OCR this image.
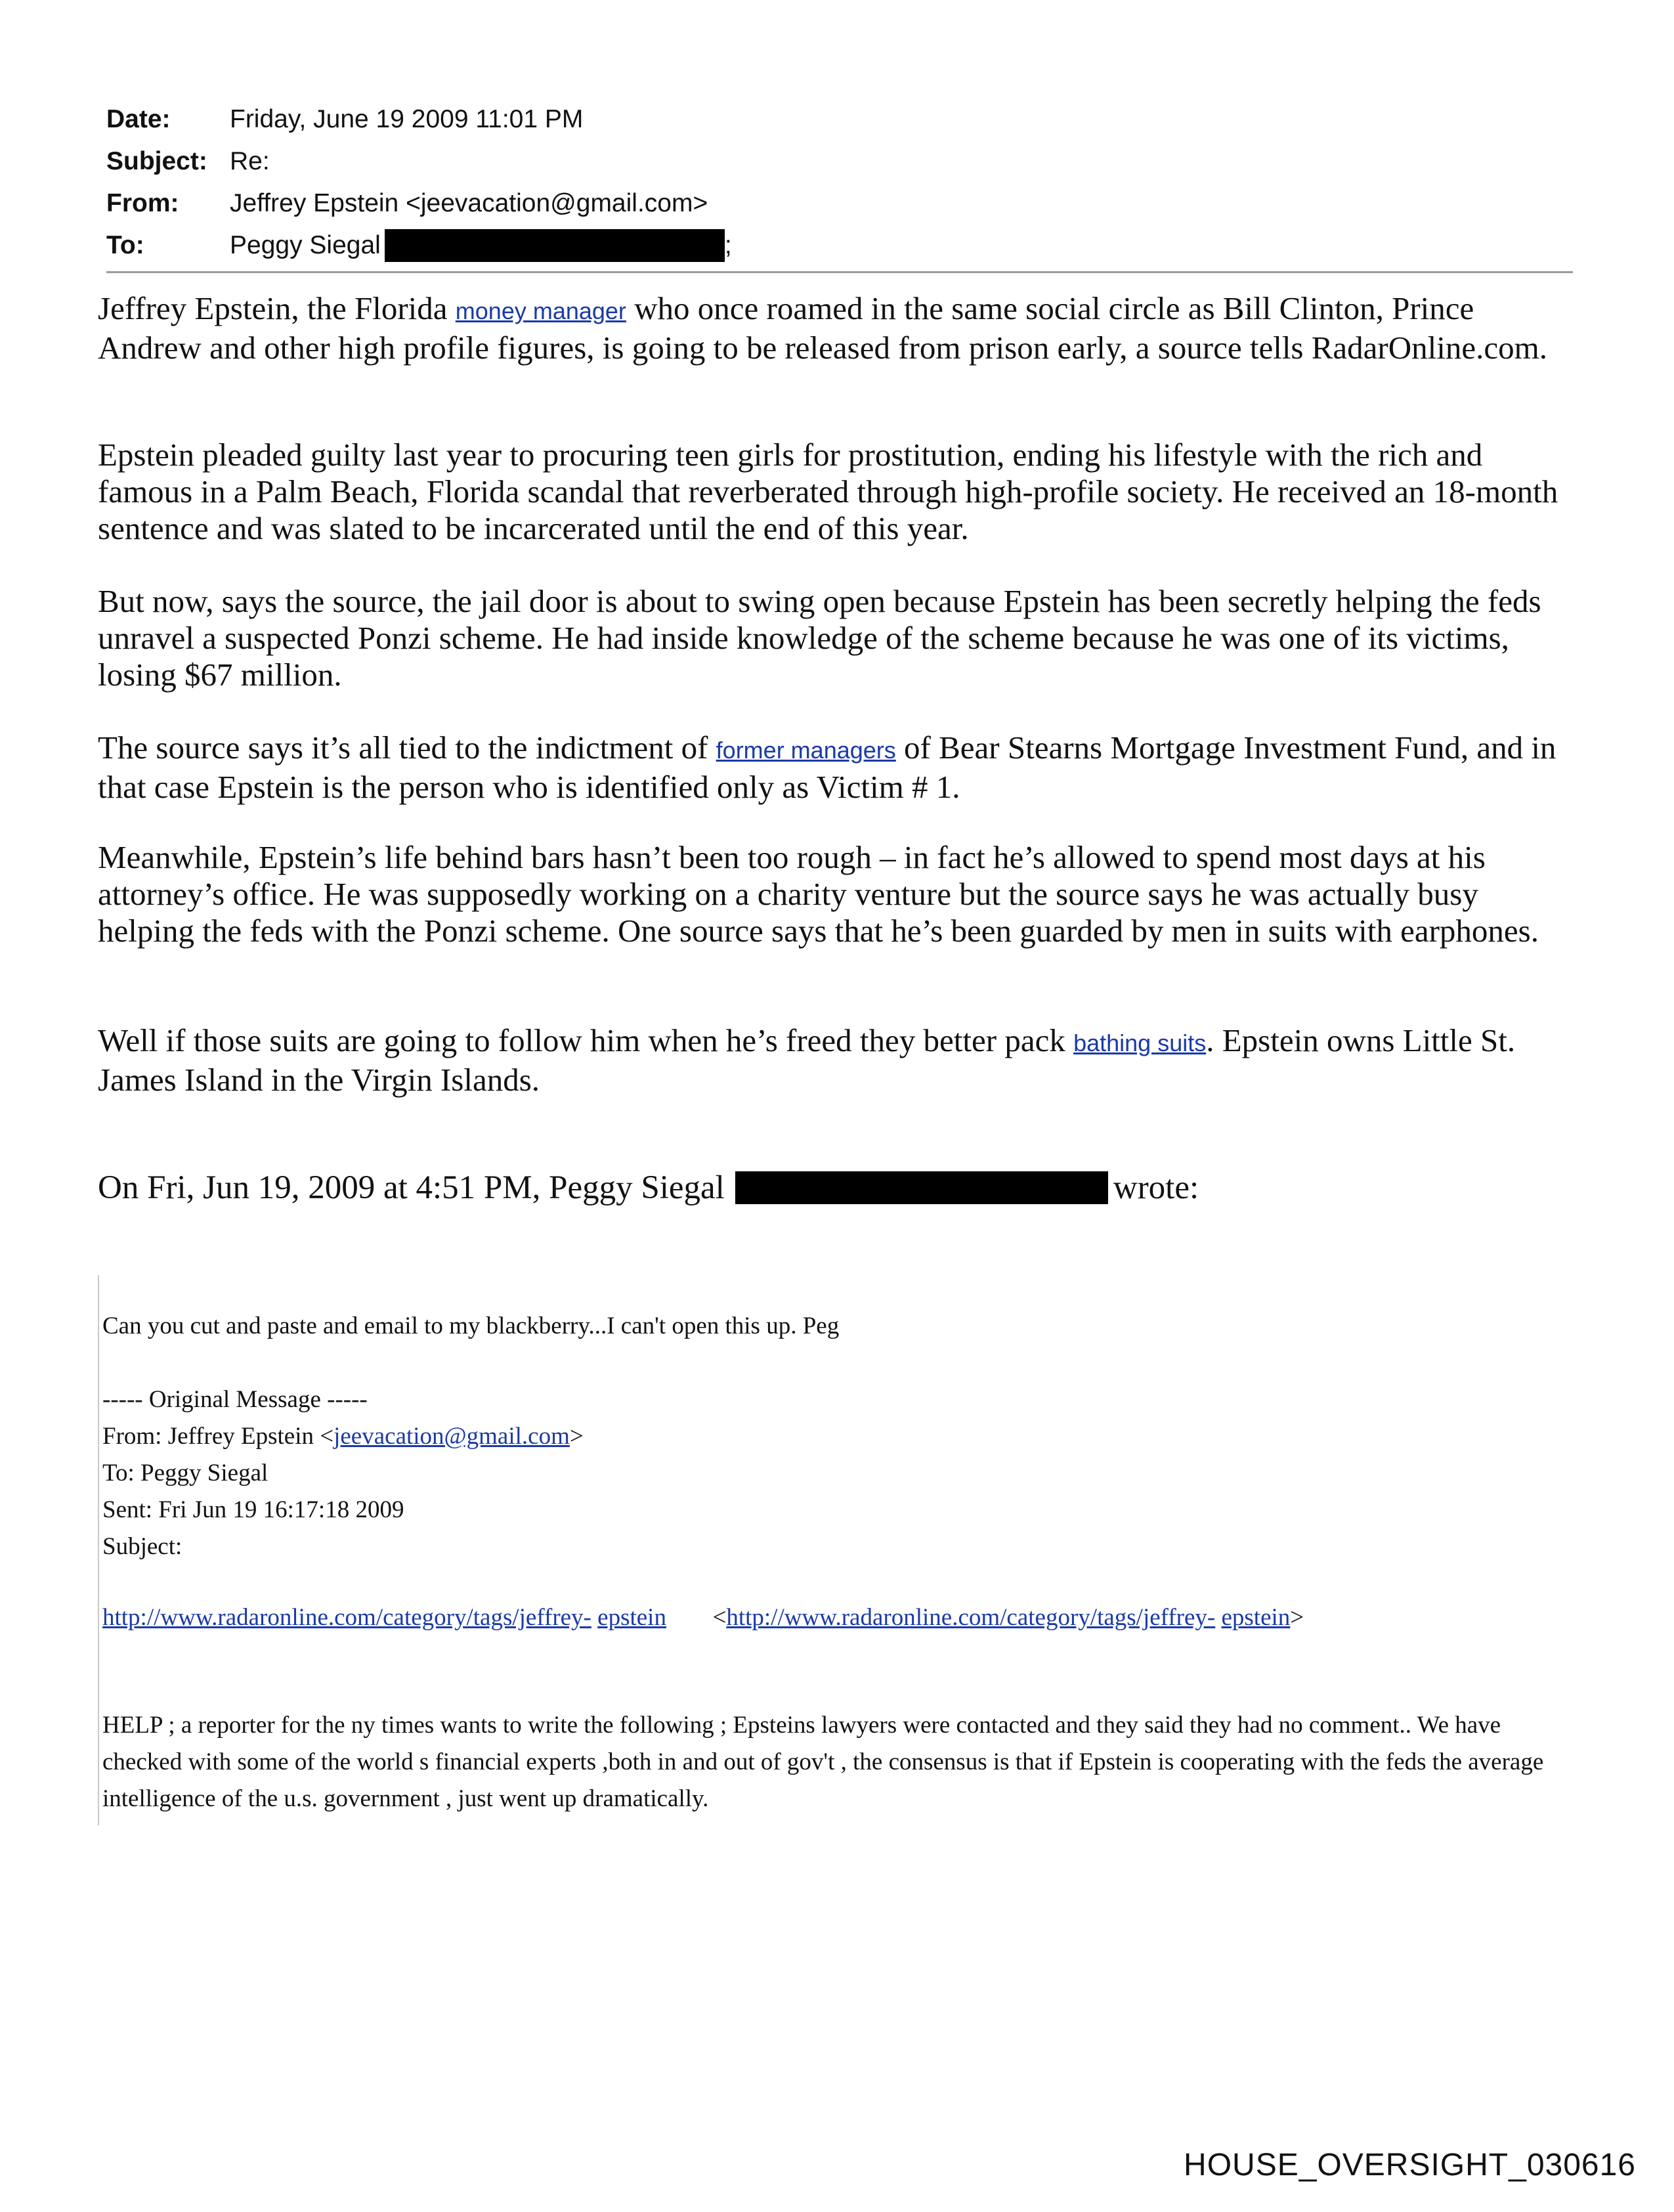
Date:	Friday, June 19 2009 11:01 PM
Subject: Re:
From:	Jeffrey Epstein <jeevacation@gmail.com>
To:	Peggy Siegal	;

Jeffrey Epstein, the Florida money manager who once roamed in the same social circle as Bill Clinton, Prince Andrew and other high profile figures, is going to be released from prison early, a source tells RadarOnline.com.

Epstein pleaded guilty last year to procuring teen girls for prostitution, ending his lifestyle with the rich and famous in a Palm Beach, Florida scandal that reverberated through high-profile society. He received an 18-month sentence and was slated to be incarcerated until the end of this year.

But now, says the source, the jail door is about to swing open because Epstein has been secretly helping the feds unravel a suspected Ponzi scheme. He had inside knowledge of the scheme because he was one of its victims, losing $67 million.

The source says it’s all tied to the indictment of former managers of Bear Stearns Mortgage Investment Fund, and in that case Epstein is the person who is identified only as Victim # 1.

Meanwhile, Epstein’s life behind bars hasn’t been too rough – in fact he’s allowed to spend most days at his attorney’s office. He was supposedly working on a charity venture but the source says he was actually busy helping the feds with the Ponzi scheme. One source says that he’s been guarded by men in suits with earphones.

Well if those suits are going to follow him when he’s freed they better pack bathing suits. Epstein owns Little St. James Island in the Virgin Islands.

On Fri, Jun 19, 2009 at 4:51 PM, Peggy Siegal	wrote:

Can you cut and paste and email to my blackberry...I can't open this up. Peg

----- Original Message -----

From: Jeffrey Epstein <jeevacation@gmail.com>

To: Peggy Siegal

Sent: Fri Jun 19 16:17:18 2009

Subject:

http://www.radaronline.com/category/tags/jeffrey- epstein <http://www.radaronline.com/category/tags/jeffrey- epstein>

HELP ; a reporter for the ny times wants to write the following ; Epsteins lawyers were contacted and they said they had no comment.. We have checked with some of the world s financial experts ,both in and out of gov't , the consensus is that if Epstein is cooperating with the feds the average intelligence of the u.s. government , just went up dramatically.

HOUSE_OVERSIGHT_030616
